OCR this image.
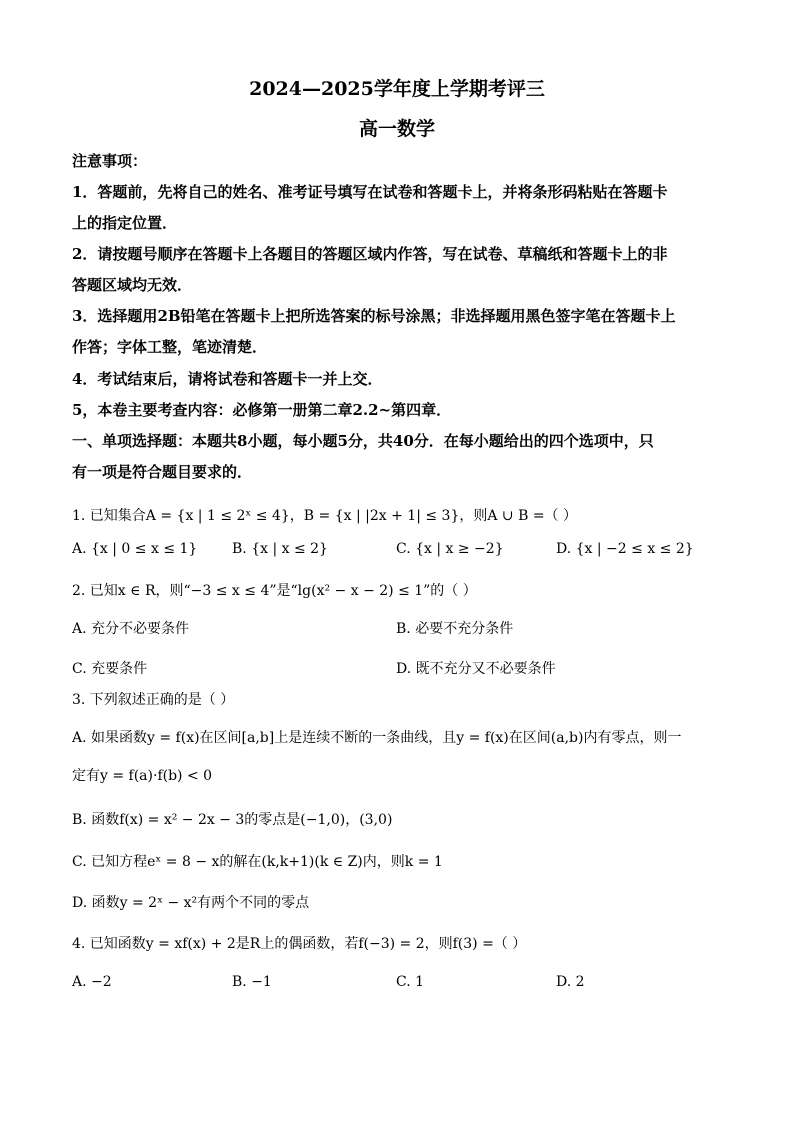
2024—2025学年度上学期考评三
高一数学
注意事项：
1．答题前，先将自己的姓名、准考证号填写在试卷和答题卡上，并将条形码粘贴在答题卡
上的指定位置．
2．请按题号顺序在答题卡上各题目的答题区域内作答，写在试卷、草稿纸和答题卡上的非
答题区域均无效．
3．选择题用2B铅笔在答题卡上把所选答案的标号涂黑；非选择题用黑色签字笔在答题卡上
作答；字体工整，笔迹清楚．
4．考试结束后，请将试卷和答题卡一并上交．
5，本卷主要考查内容：必修第一册第二章2.2~第四章．
一、单项选择题：本题共8小题，每小题5分，共40分．在每小题给出的四个选项中，只
有一项是符合题目要求的．
1. 已知集合A = {x | 1 ≤ 2ˣ ≤ 4}，B = {x | |2x + 1| ≤ 3}，则A ∪ B =（ ）
A. {x | 0 ≤ x ≤ 1} B. {x | x ≤ 2}	C. {x | x ≥ −2}	D. {x | −2 ≤ x ≤ 2}
2. 已知x ∈ R，则“−3 ≤ x ≤ 4”是“lg(x² − x − 2) ≤ 1”的（ ）
A. 充分不必要条件	B. 必要不充分条件
C. 充要条件	D. 既不充分又不必要条件
3. 下列叙述正确的是（ ）
A. 如果函数y = f(x)在区间[a,b]上是连续不断的一条曲线，且y = f(x)在区间(a,b)内有零点，则一
定有y = f(a)·f(b) < 0
B. 函数f(x) = x² − 2x − 3的零点是(−1,0)，(3,0)
C. 已知方程eˣ = 8 − x的解在(k,k+1)(k ∈ Z)内，则k = 1
D. 函数y = 2ˣ − x²有两个不同的零点
4. 已知函数y = xf(x) + 2是R上的偶函数，若f(−3) = 2，则f(3) =（ ）
A. −2	B. −1	C. 1	D. 2
